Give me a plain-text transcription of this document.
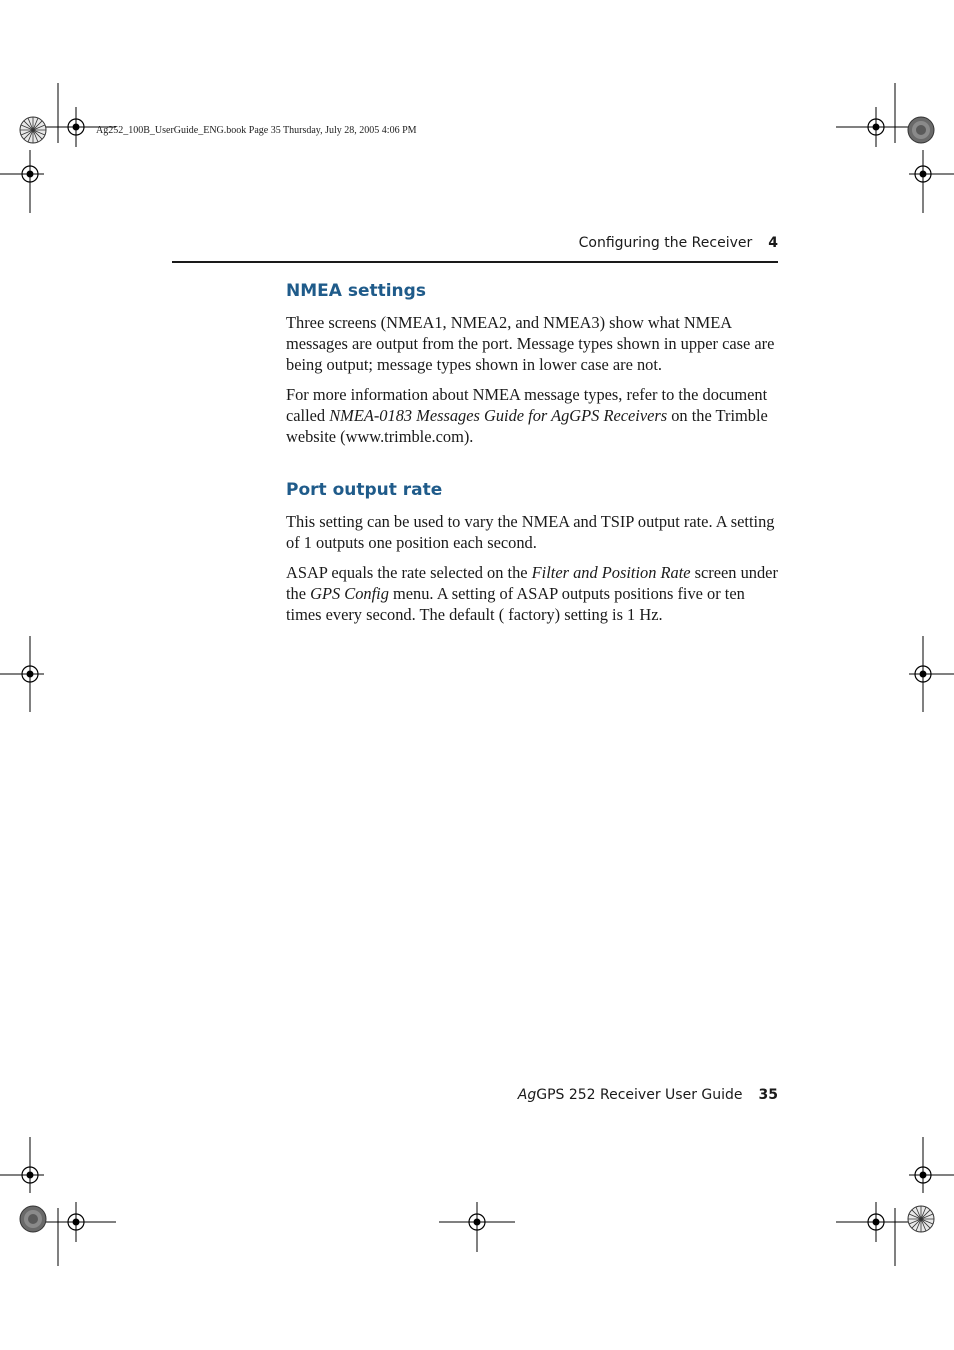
Ag252_100B_UserGuide_ENG.book Page 35 Thursday, July 28, 2005 4:06 PM
Configuring the Receiver 4
NMEA settings

Three screens (NMEA1, NMEA2, and NMEA3) show what NMEA messages are output from the port. Message types shown in upper case are being output; message types shown in lower case are not.

For more information about NMEA message types, refer to the document called NMEA-0183 Messages Guide for AgGPS Receivers on the Trimble website (www.trimble.com).

Port output rate

This setting can be used to vary the NMEA and TSIP output rate. A setting of 1 outputs one position each second.

ASAP equals the rate selected on the Filter and Position Rate screen under the GPS Config menu. A setting of ASAP outputs positions five or ten times every second. The default ( factory) setting is 1 Hz.

AgGPS 252 Receiver User Guide 35
